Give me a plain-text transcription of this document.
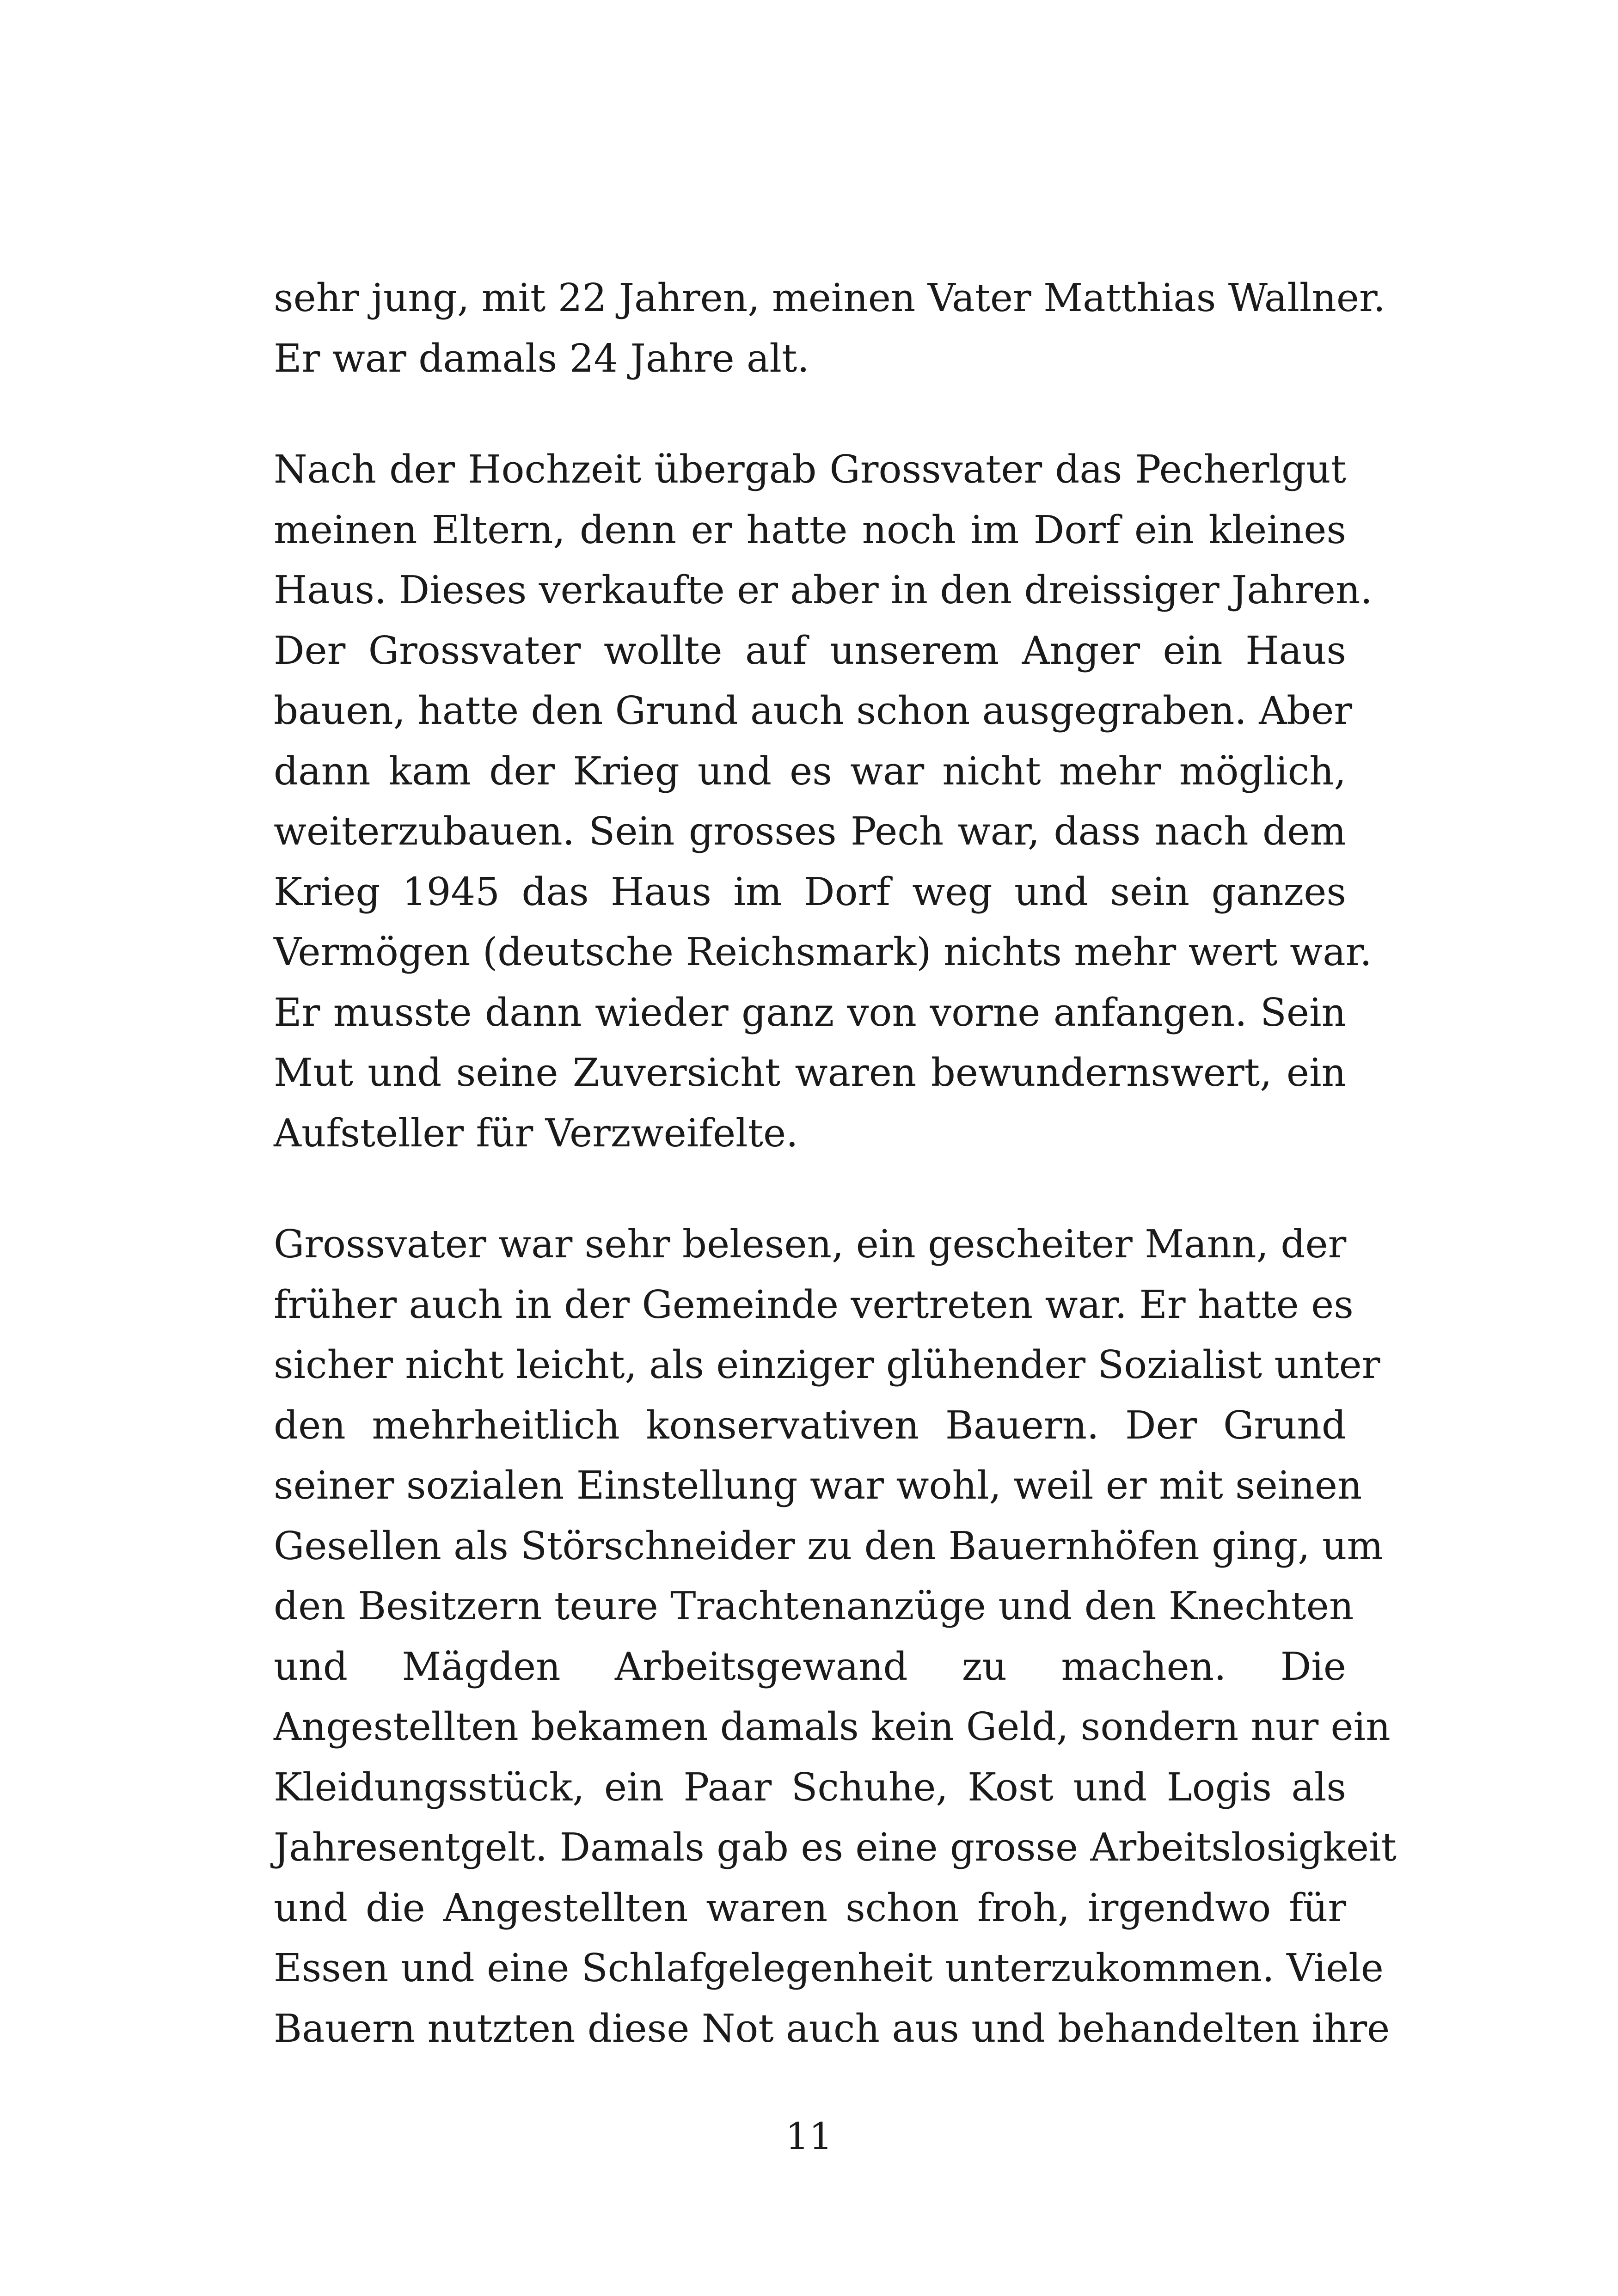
sehr jung, mit 22 Jahren, meinen Vater Matthias Wallner.
Er war damals 24 Jahre alt.

Nach der Hochzeit übergab Grossvater das Pecherlgut
meinen Eltern, denn er hatte noch im Dorf ein kleines
Haus. Dieses verkaufte er aber in den dreissiger Jahren.
Der Grossvater wollte auf unserem Anger ein Haus
bauen, hatte den Grund auch schon ausgegraben. Aber
dann kam der Krieg und es war nicht mehr möglich,
weiterzubauen. Sein grosses Pech war, dass nach dem
Krieg 1945 das Haus im Dorf weg und sein ganzes
Vermögen (deutsche Reichsmark) nichts mehr wert war.
Er musste dann wieder ganz von vorne anfangen. Sein
Mut und seine Zuversicht waren bewundernswert, ein
Aufsteller für Verzweifelte.

Grossvater war sehr belesen, ein gescheiter Mann, der
früher auch in der Gemeinde vertreten war. Er hatte es
sicher nicht leicht, als einziger glühender Sozialist unter
den mehrheitlich konservativen Bauern. Der Grund
seiner sozialen Einstellung war wohl, weil er mit seinen
Gesellen als Störschneider zu den Bauernhöfen ging, um
den Besitzern teure Trachtenanzüge und den Knechten
und Mägden Arbeitsgewand zu machen. Die
Angestellten bekamen damals kein Geld, sondern nur ein
Kleidungsstück, ein Paar Schuhe, Kost und Logis als
Jahresentgelt. Damals gab es eine grosse Arbeitslosigkeit
und die Angestellten waren schon froh, irgendwo für
Essen und eine Schlafgelegenheit unterzukommen. Viele
Bauern nutzten diese Not auch aus und behandelten ihre

11
